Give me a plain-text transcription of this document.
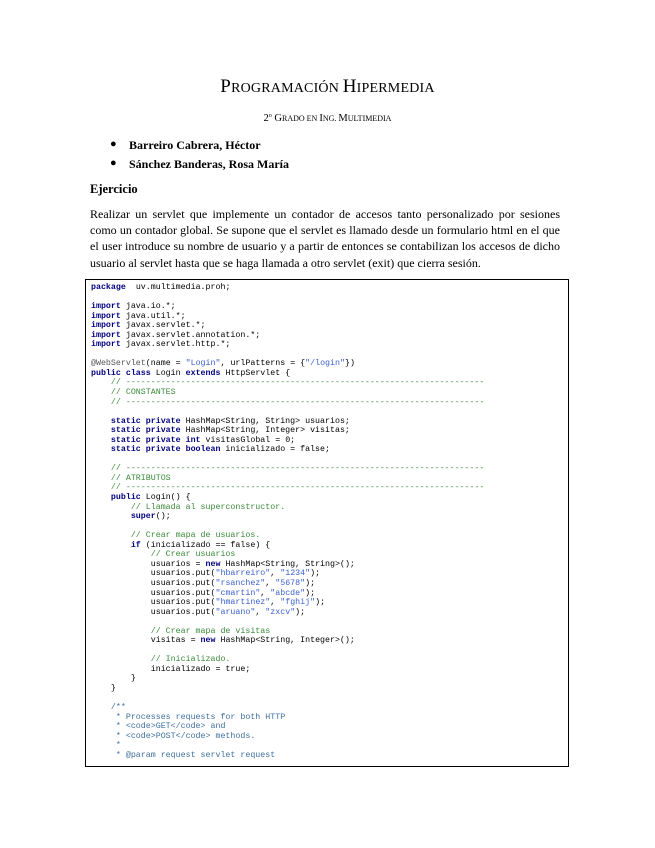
PROGRAMACIÓN HIPERMEDIA
2$^o$ GRADO EN ING. MULTIMEDIA
● Barreiro Cabrera, Héctor
● Sánchez Banderas, Rosa María
Ejercicio
Realizar un servlet que implemente un contador de accesos tanto personalizado por sesiones como un contador global. Se supone que el servlet es llamado desde un formulario html en el que el user introduce su nombre de usuario y a partir de entonces se contabilizan los accesos de dicho usuario al servlet hasta que se haga llamada a otro servlet (exit) que cierra sesión.
package  uv.multimedia.proh;

import java.io.*;
import java.util.*;
import javax.servlet.*;
import javax.servlet.annotation.*;
import javax.servlet.http.*;

@WebServlet(name = "Login", urlPatterns = {"/login"})
public class Login extends HttpServlet {
// ------------------------------------------------------------------------
// CONSTANTES
// ------------------------------------------------------------------------

static private HashMap<String, String> usuarios;
static private HashMap<String, Integer> visitas;
static private int visitasGlobal = 0;
static private boolean inicializado = false;

// ------------------------------------------------------------------------
// ATRIBUTOS
// ------------------------------------------------------------------------
public Login() {
// Llamada al superconstructor.
super();

// Crear mapa de usuarios.
if (inicializado == false) {
// Crear usuarios
usuarios = new HashMap<String, String>();
usuarios.put("hbarreiro", "1234");
usuarios.put("rsanchez", "5678");
usuarios.put("cmartin", "abcde");
usuarios.put("hmartinez", "fghij");
usuarios.put("aruano", "zxcv");

// Crear mapa de visitas
visitas = new HashMap<String, Integer>();

// Inicializado.
inicializado = true;
}
}

/**
* Processes requests for both HTTP
* <code>GET</code> and
* <code>POST</code> methods.
*
* @param request servlet request
